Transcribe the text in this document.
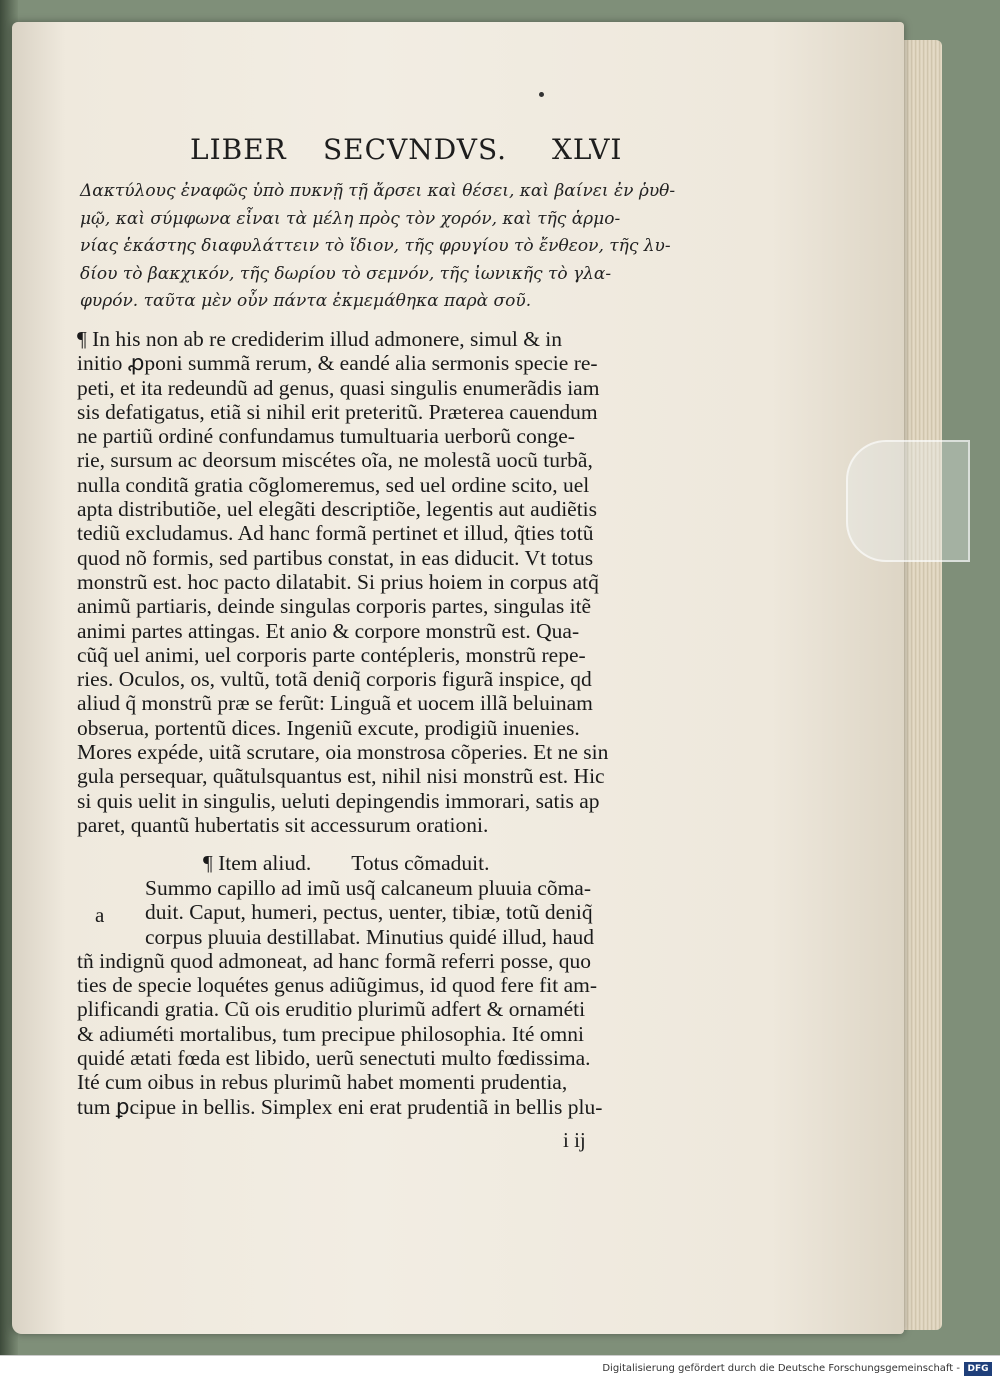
LIBER SECVNDVS. XLVI
Δακτύλους ἐναφῶς ὑπὸ πυκνῇ τῇ ἄρσει καὶ θέσει, καὶ βαίνει ἐν ῥυθ-
μῷ, καὶ σύμφωνα εἶναι τὰ μέλη πρὸς τὸν χορόν, καὶ τῆς ἁρμο-
νίας ἑκάστης διαφυλάττειν τὸ ἴδιον, τῆς φρυγίου τὸ ἔνθεον, τῆς λυ-
δίου τὸ βακχικόν, τῆς δωρίου τὸ σεμνόν, τῆς ἰωνικῆς τὸ γλα-
φυρόν. ταῦτα μὲν οὖν πάντα ἐκμεμάθηκα παρὰ σοῦ.
¶ In his non ab re crediderim illud admonere, simul & in
initio ꝓponi summã rerum, & eandé alia sermonis specie re-
peti, et ita redeundũ ad genus, quasi singulis enumerãdis iam
sis defatigatus, etiã si nihil erit preteritũ. Præterea cauendum
ne partiũ ordiné confundamus tumultuaria uerborũ conge-
rie, sursum ac deorsum miscétes oĩa, ne molestã uocũ turbã,
nulla conditã gratia cõglomeremus, sed uel ordine scito, uel
apta distributiõe, uel elegãti descriptiõe, legentis aut audiẽtis
tediũ excludamus. Ad hanc formã pertinet et illud, q̃ties totũ
quod nõ formis, sed partibus constat, in eas diducit. Vt totus
monstrũ est. hoc pacto dilatabit. Si prius hoiem in corpus atq̃
animũ partiaris, deinde singulas corporis partes, singulas itẽ
animi partes attingas. Et anio & corpore monstrũ est. Qua-
cũq̃ uel animi, uel corporis parte contépleris, monstrũ repe-
ries. Oculos, os, vultũ, totã deniq̃ corporis figurã inspice, qd
aliud q̃ monstrũ præ se ferũt: Linguã et uocem illã beluinam
obserua, portentũ dices. Ingeniũ excute, prodigiũ inuenies.
Mores expéde, uitã scrutare, oia monstrosa cõperies. Et ne sin
gula persequar, quãtulsquantus est, nihil nisi monstrũ est. Hic
si quis uelit in singulis, ueluti depingendis immorari, satis ap
paret, quantũ hubertatis sit accessurum orationi.
¶ Item aliud. Totus cõmaduit.
a
Summo capillo ad imũ usq̃ calcaneum pluuia cõma-
duit. Caput, humeri, pectus, uenter, tibiæ, totũ deniq̃
corpus pluuia destillabat. Minutius quidé illud, haud
tñ indignũ quod admoneat, ad hanc formã referri posse, quo
ties de specie loquétes genus adiũgimus, id quod fere fit am-
plificandi gratia. Cũ ois eruditio plurimũ adfert & ornaméti
& adiuméti mortalibus, tum precipue philosophia. Ité omni
quidé ætati fœda est libido, uerũ senectuti multo fœdissima.
Ité cum oibus in rebus plurimũ habet momenti prudentia,
tum ꝑcipue in bellis. Simplex eni erat prudentiã in bellis plu-
i ij
Digitalisierung gefördert durch die Deutsche Forschungsgemeinschaft - DFG
